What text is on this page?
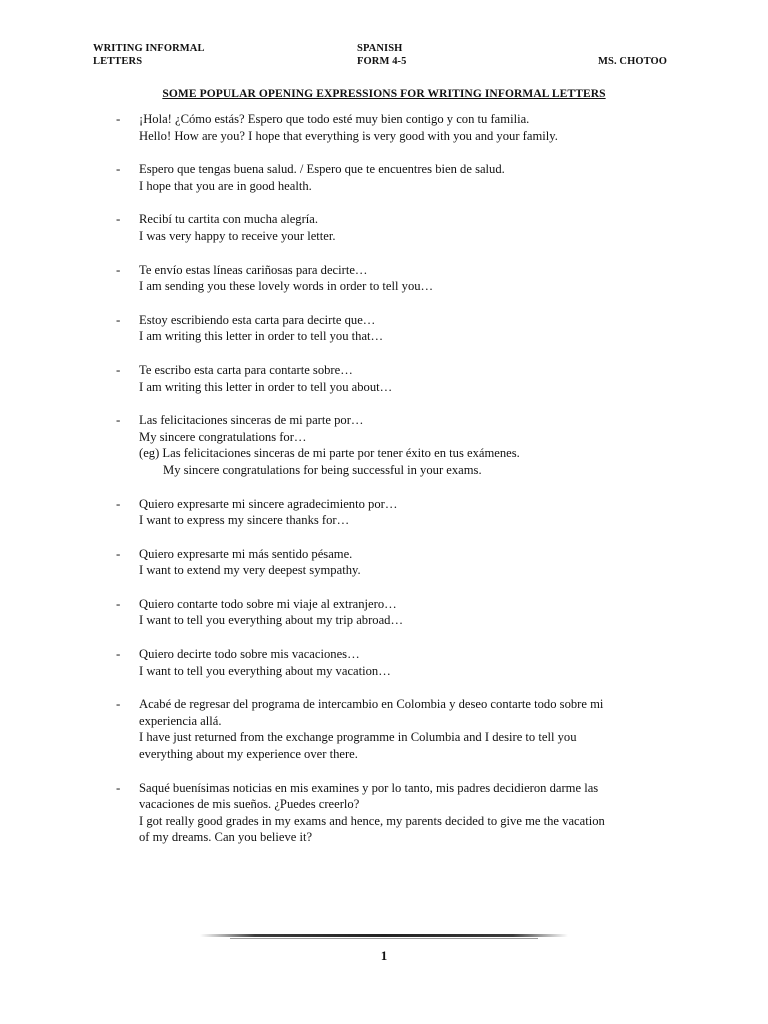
WRITING INFORMAL
LETTERS
SPANISH
FORM 4-5	MS. CHOTOO
SOME POPULAR OPENING EXPRESSIONS FOR WRITING INFORMAL LETTERS
- ¡Hola! ¿Cómo estás? Espero que todo esté muy bien contigo y con tu familia.
Hello! How are you? I hope that everything is very good with you and your family.
- Espero que tengas buena salud. / Espero que te encuentres bien de salud.
I hope that you are in good health.
- Recibí tu cartita con mucha alegría.
I was very happy to receive your letter.
- Te envío estas líneas cariñosas para decirte…
I am sending you these lovely words in order to tell you…
- Estoy escribiendo esta carta para decirte que…
I am writing this letter in order to tell you that…
- Te escribo esta carta para contarte sobre…
I am writing this letter in order to tell you about…
- Las felicitaciones sinceras de mi parte por…
My sincere congratulations for…
(eg) Las felicitaciones sinceras de mi parte por tener éxito en tus exámenes.
My sincere congratulations for being successful in your exams.
- Quiero expresarte mi sincere agradecimiento por…
I want to express my sincere thanks for…
- Quiero expresarte mi más sentido pésame.
I want to extend my very deepest sympathy.
- Quiero contarte todo sobre mi viaje al extranjero…
I want to tell you everything about my trip abroad…
- Quiero decirte todo sobre mis vacaciones…
I want to tell you everything about my vacation…
- Acabé de regresar del programa de intercambio en Colombia y deseo contarte todo sobre mi
experiencia allá.
I have just returned from the exchange programme in Columbia and I desire to tell you
everything about my experience over there.
- Saqué buenísimas noticias en mis examines y por lo tanto, mis padres decidieron darme las
vacaciones de mis sueños. ¿Puedes creerlo?
I got really good grades in my exams and hence, my parents decided to give me the vacation
of my dreams. Can you believe it?
1
